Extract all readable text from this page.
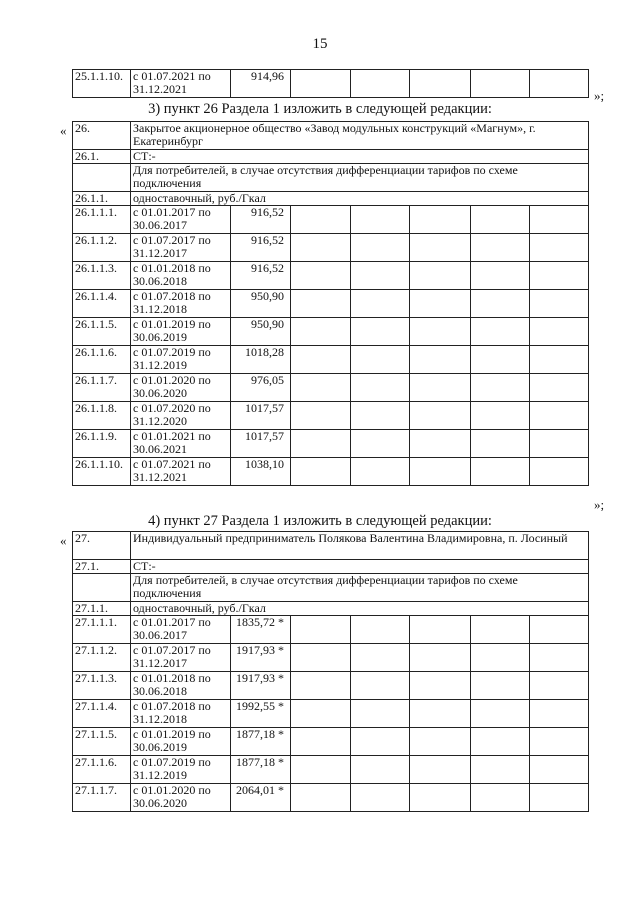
15
25.1.1.10.	с 01.07.2021 по 31.12.2021	914,96					
»;
3) пункт 26 Раздела 1 изложить в следующей редакции:
« 26.	Закрытое акционерное общество «Завод модульных конструкций «Магнум», г. Екатеринбург						
26.1.	СТ:-						
	Для потребителей, в случае отсутствия дифференциации тарифов по схеме подключения						
26.1.1.	одноставочный, руб./Гкал						
26.1.1.1.	с 01.01.2017 по 30.06.2017	916,52					
26.1.1.2.	с 01.07.2017 по 31.12.2017	916,52					
26.1.1.3.	с 01.01.2018 по 30.06.2018	916,52					
26.1.1.4.	с 01.07.2018 по 31.12.2018	950,90					
26.1.1.5.	с 01.01.2019 по 30.06.2019	950,90					
26.1.1.6.	с 01.07.2019 по 31.12.2019	1018,28					
26.1.1.7.	с 01.01.2020 по 30.06.2020	976,05					
26.1.1.8.	с 01.07.2020 по 31.12.2020	1017,57					
26.1.1.9.	с 01.01.2021 по 30.06.2021	1017,57					
26.1.1.10.	с 01.07.2021 по 31.12.2021	1038,10					
»;
4) пункт 27 Раздела 1 изложить в следующей редакции:
« 27.	Индивидуальный предприниматель Полякова Валентина Владимировна, п. Лосиный						
27.1.	СТ:-						
	Для потребителей, в случае отсутствия дифференциации тарифов по схеме подключения						
27.1.1.	одноставочный, руб./Гкал						
27.1.1.1.	с 01.01.2017 по 30.06.2017	1835,72 *					
27.1.1.2.	с 01.07.2017 по 31.12.2017	1917,93 *					
27.1.1.3.	с 01.01.2018 по 30.06.2018	1917,93 *					
27.1.1.4.	с 01.07.2018 по 31.12.2018	1992,55 *					
27.1.1.5.	с 01.01.2019 по 30.06.2019	1877,18 *					
27.1.1.6.	с 01.07.2019 по 31.12.2019	1877,18 *					
27.1.1.7.	с 01.01.2020 по 30.06.2020	2064,01 *					
